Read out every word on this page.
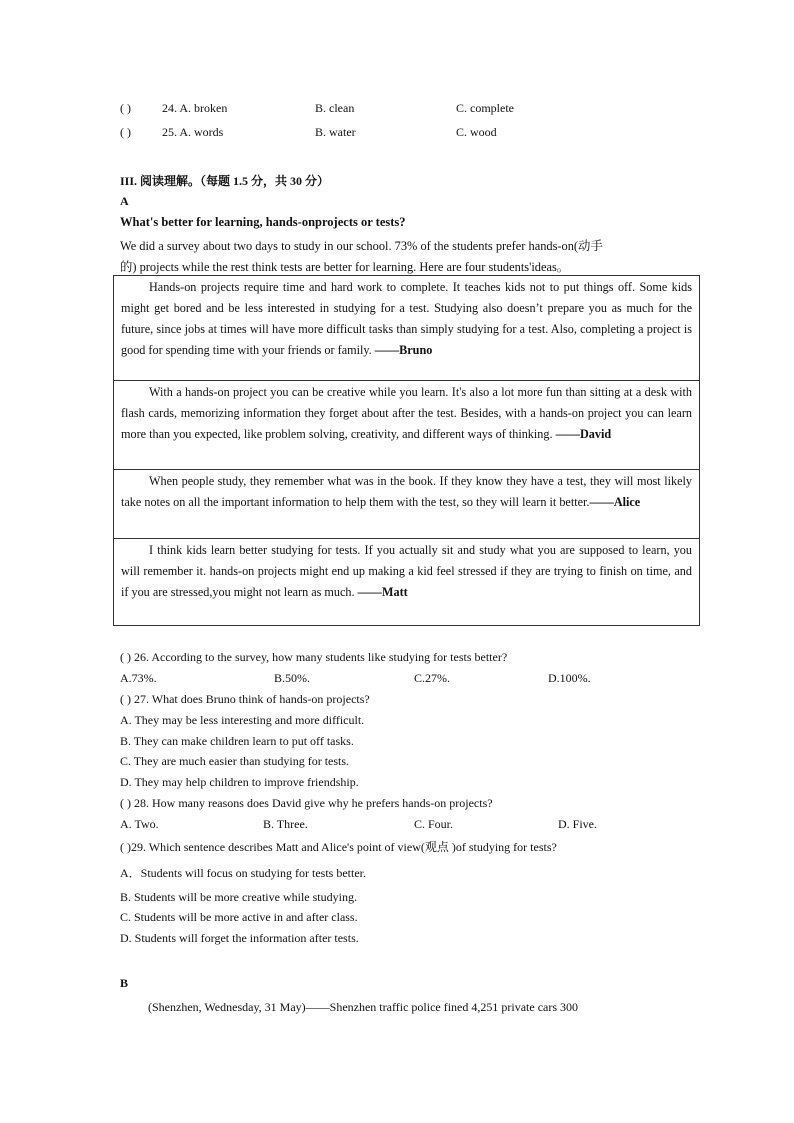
( )	24. A. broken	B. clean	C. complete
( )	25. A. words	B. water	C. wood
III. 阅读理解。（每题 1.5 分，共 30 分）
A
What's better for learning, hands-onprojects or tests?
We did a survey about two days to study in our school. 73% of the students prefer hands-on(动手
的) projects while the rest think tests are better for learning. Here are four students'ideas。

Hands-on projects require time and hard work to complete. It teaches kids not to put things off. Some kids might get bored and be less interested in studying for a test. Studying also doesn’t prepare you as much for the future, since jobs at times will have more difficult tasks than simply studying for a test. Also, completing a project is good for spending time with your friends or family. ——Bruno

With a hands-on project you can be creative while you learn. It's also a lot more fun than sitting at a desk with flash cards, memorizing information they forget about after the test. Besides, with a hands-on project you can learn more than you expected, like problem solving, creativity, and different ways of thinking. ——David

When people study, they remember what was in the book. If they know they have a test, they will most likely take notes on all the important information to help them with the test, so they will learn it better.——Alice

I think kids learn better studying for tests. If you actually sit and study what you are supposed to learn, you will remember it. hands-on projects might end up making a kid feel stressed if they are trying to finish on time, and if you are stressed,you might not learn as much. ——Matt

( ) 26. According to the survey, how many students like studying for tests better?
A.73%.	B.50%.	C.27%.	D.100%.
( ) 27. What does Bruno think of hands-on projects?
A. They may be less interesting and more difficult.
B. They can make children learn to put off tasks.
C. They are much easier than studying for tests.
D. They may help children to improve friendship.
( ) 28. How many reasons does David give why he prefers hands-on projects?
A. Two.	B. Three.	C. Four.	D. Five.
( )29. Which sentence describes Matt and Alice's point of view(观点 )of studying for tests?
A．Students will focus on studying for tests better.
B. Students will be more creative while studying.
C. Students will be more active in and after class.
D. Students will forget the information after tests.
B
(Shenzhen, Wednesday, 31 May)——Shenzhen traffic police fined 4,251 private cars 300
